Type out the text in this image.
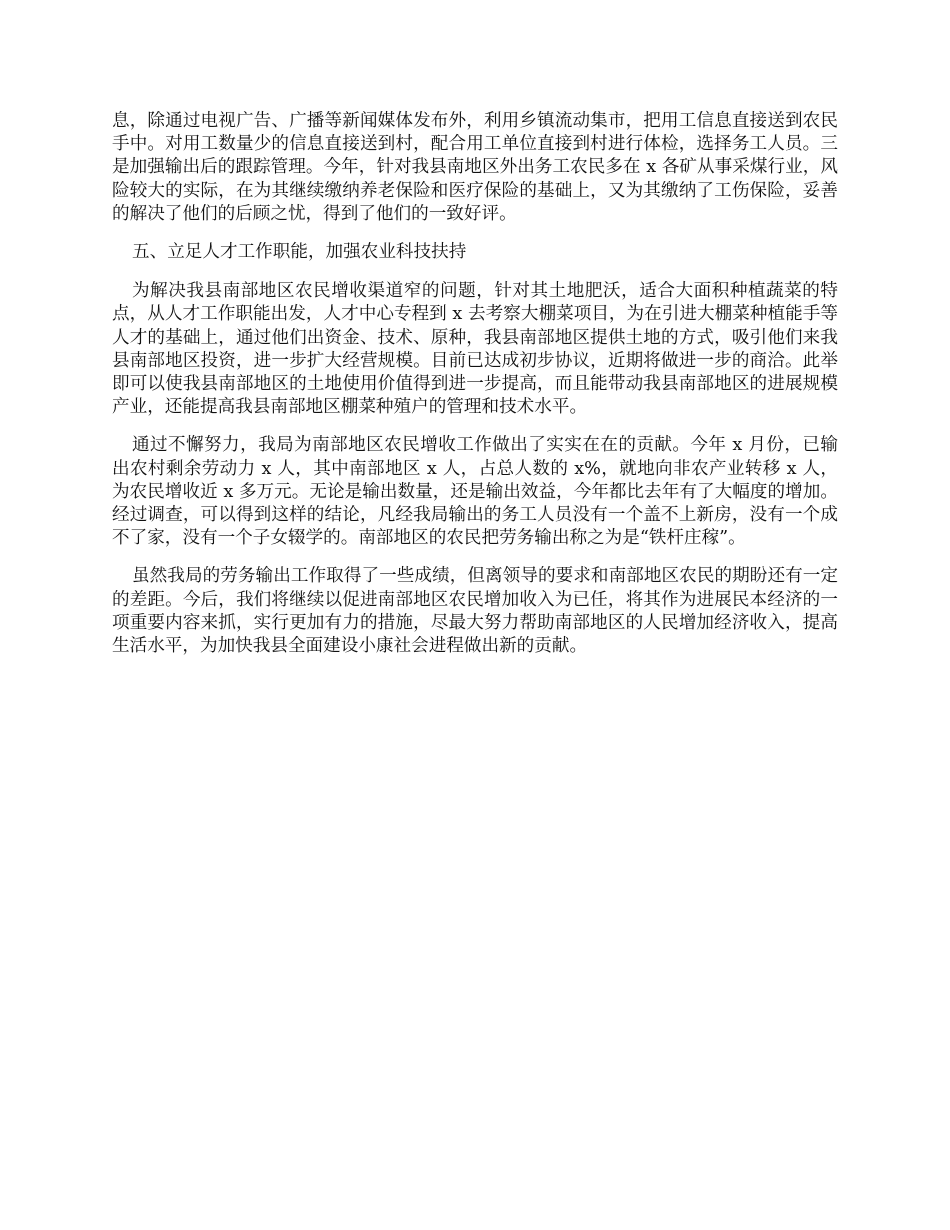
息，除通过电视广告、广播等新闻媒体发布外，利用乡镇流动集市，把用工信息直接送到农民手中。对用工数量少的信息直接送到村，配合用工单位直接到村进行体检，选择务工人员。三是加强输出后的跟踪管理。今年，针对我县南地区外出务工农民多在 x 各矿从事采煤行业，风险较大的实际，在为其继续缴纳养老保险和医疗保险的基础上，又为其缴纳了工伤保险，妥善的解决了他们的后顾之忧，得到了他们的一致好评。

五、立足人才工作职能，加强农业科技扶持

为解决我县南部地区农民增收渠道窄的问题，针对其土地肥沃，适合大面积种植蔬菜的特点，从人才工作职能出发，人才中心专程到 x 去考察大棚菜项目，为在引进大棚菜种植能手等人才的基础上，通过他们出资金、技术、原种，我县南部地区提供土地的方式，吸引他们来我县南部地区投资，进一步扩大经营规模。目前已达成初步协议，近期将做进一步的商洽。此举即可以使我县南部地区的土地使用价值得到进一步提高，而且能带动我县南部地区的进展规模产业，还能提高我县南部地区棚菜种殖户的管理和技术水平。

通过不懈努力，我局为南部地区农民增收工作做出了实实在在的贡献。今年 x 月份，已输出农村剩余劳动力 x 人，其中南部地区 x 人，占总人数的 x%，就地向非农产业转移 x 人，为农民增收近 x 多万元。无论是输出数量，还是输出效益，今年都比去年有了大幅度的增加。经过调查，可以得到这样的结论，凡经我局输出的务工人员没有一个盖不上新房，没有一个成不了家，没有一个子女辍学的。南部地区的农民把劳务输出称之为是“铁杆庄稼”。

虽然我局的劳务输出工作取得了一些成绩，但离领导的要求和南部地区农民的期盼还有一定的差距。今后，我们将继续以促进南部地区农民增加收入为已任，将其作为进展民本经济的一项重要内容来抓，实行更加有力的措施，尽最大努力帮助南部地区的人民增加经济收入，提高生活水平，为加快我县全面建设小康社会进程做出新的贡献。
